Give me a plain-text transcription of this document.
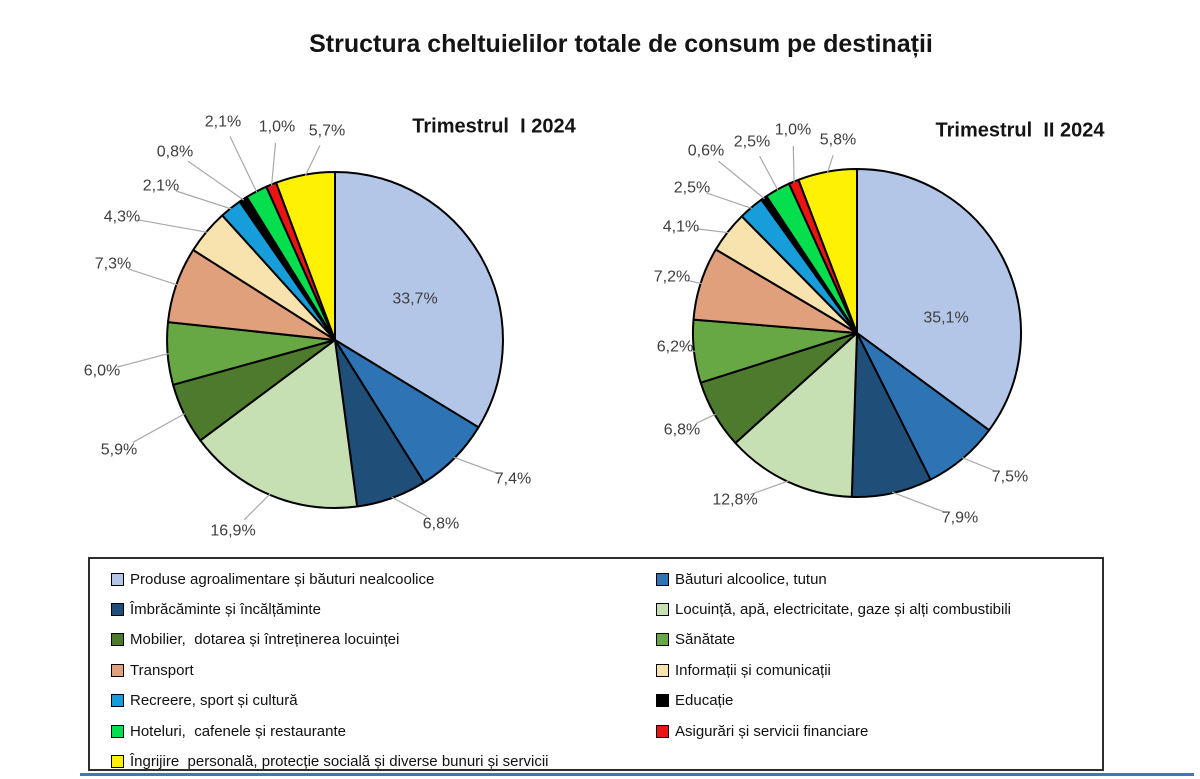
Structura cheltuielilor totale de consum pe destinații
33,7%
7,4%
6,8%
16,9%
5,9%
6,0%
7,3%
4,3%
2,1%
0,8%
2,1% 1,0% 5,7%
35,1%
7,5%
7,9%
12,8%
6,8%
6,2%
7,2%
4,1%
2,5%
0,6%
2,5%
1,0%
5,8%
Trimestrul  I 2024	Trimestrul  II 2024
Produse agroalimentare și băuturi nealcoolice
Îmbrăcăminte și încălțăminte
Mobilier,  dotarea și întreținerea locuinței
Transport
Recreere, sport și cultură
Hoteluri,  cafenele și restaurante
Îngrijire  personală, protecție socială și diverse bunuri și servicii
Băuturi alcoolice, tutun
Locuință, apă, electricitate, gaze și alți combustibili
Sănătate
Informații și comunicații
Educație
Asigurări și servicii financiare
